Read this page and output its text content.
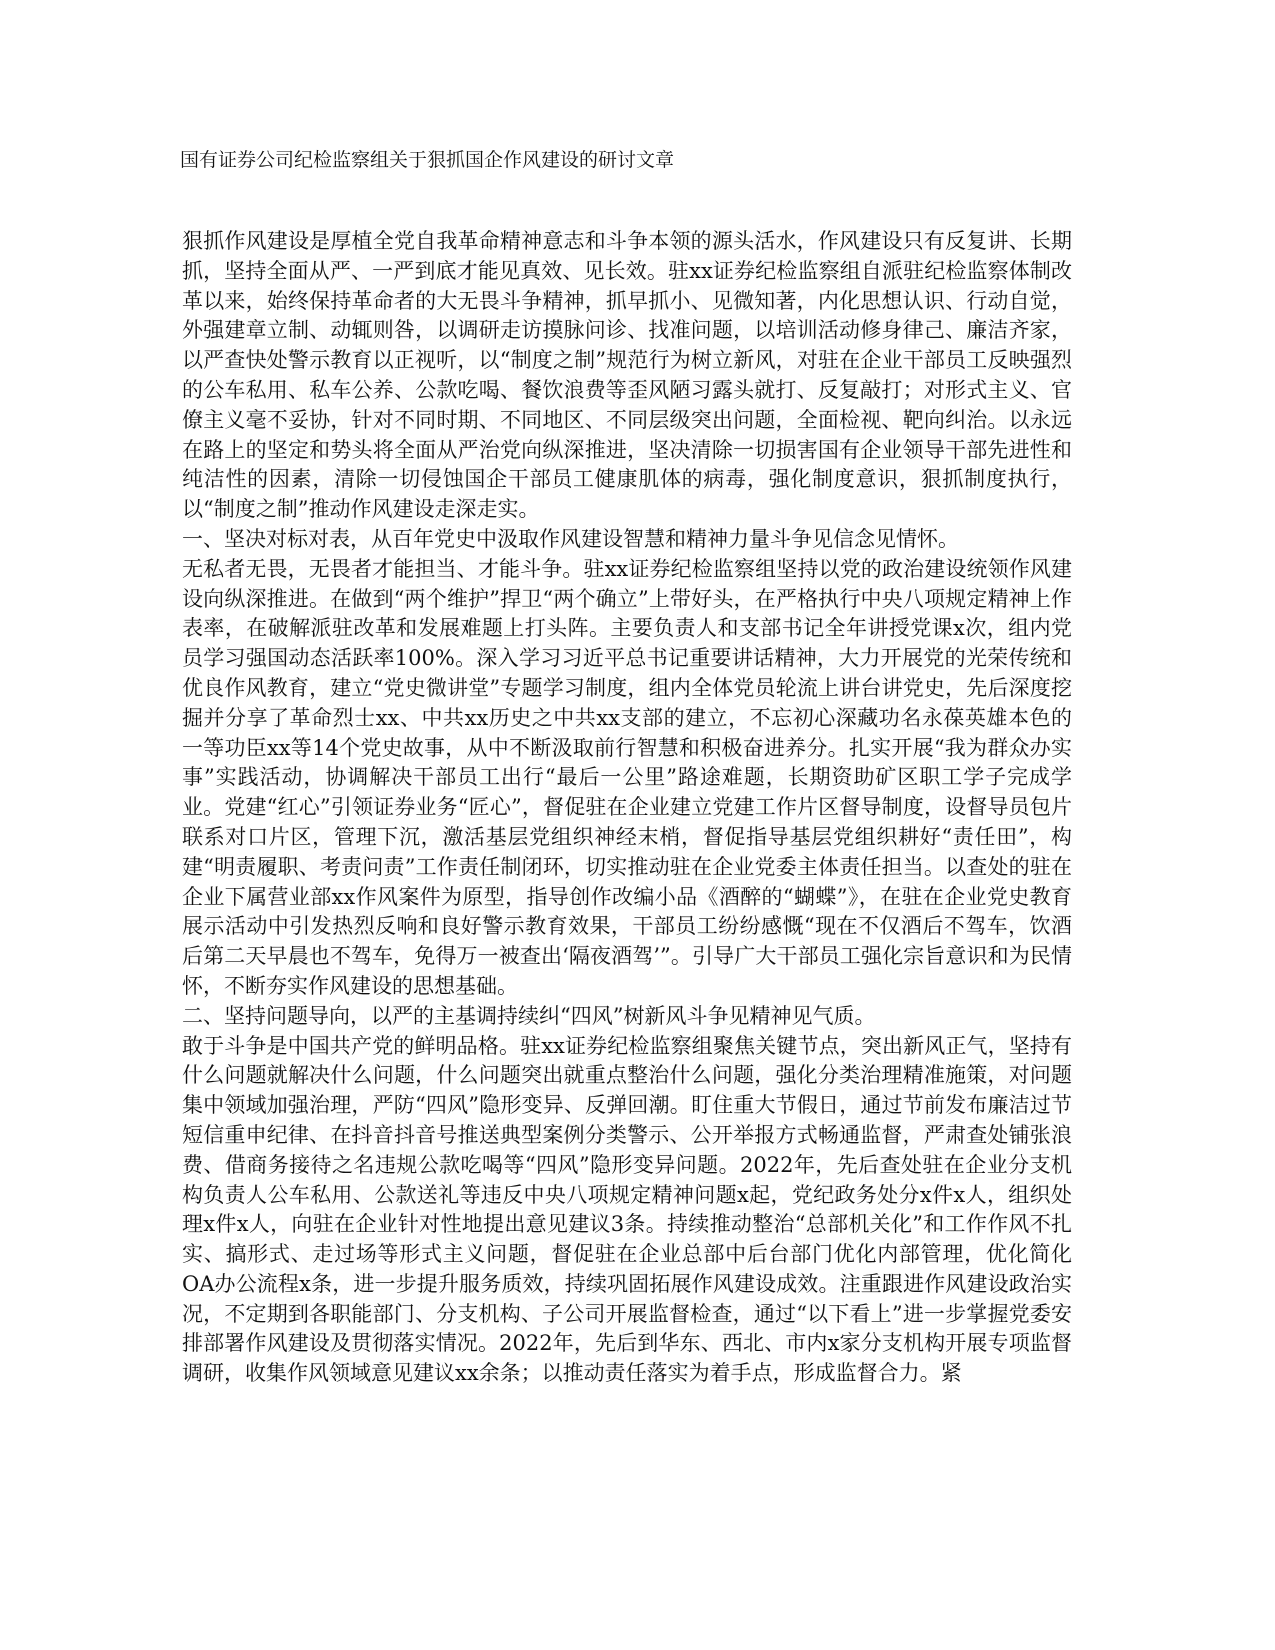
国有证券公司纪检监察组关于狠抓国企作风建设的研讨文章

狠抓作风建设是厚植全党自我革命精神意志和斗争本领的源头活水，作风建设只有反复讲、长期抓，坚持全面从严、一严到底才能见真效、见长效。驻xx证券纪检监察组自派驻纪检监察体制改革以来，始终保持革命者的大无畏斗争精神，抓早抓小、见微知著，内化思想认识、行动自觉，外强建章立制、动辄则咎，以调研走访摸脉问诊、找准问题，以培训活动修身律己、廉洁齐家，以严查快处警示教育以正视听，以“制度之制”规范行为树立新风，对驻在企业干部员工反映强烈的公车私用、私车公养、公款吃喝、餐饮浪费等歪风陋习露头就打、反复敲打；对形式主义、官僚主义毫不妥协，针对不同时期、不同地区、不同层级突出问题，全面检视、靶向纠治。以永远在路上的坚定和势头将全面从严治党向纵深推进，坚决清除一切损害国有企业领导干部先进性和纯洁性的因素，清除一切侵蚀国企干部员工健康肌体的病毒，强化制度意识，狠抓制度执行，以“制度之制”推动作风建设走深走实。

一、坚决对标对表，从百年党史中汲取作风建设智慧和精神力量斗争见信念见情怀。

无私者无畏，无畏者才能担当、才能斗争。驻xx证券纪检监察组坚持以党的政治建设统领作风建设向纵深推进。在做到“两个维护”捍卫“两个确立”上带好头，在严格执行中央八项规定精神上作表率，在破解派驻改革和发展难题上打头阵。主要负责人和支部书记全年讲授党课x次，组内党员学习强国动态活跃率100%。深入学习习近平总书记重要讲话精神，大力开展党的光荣传统和优良作风教育，建立“党史微讲堂”专题学习制度，组内全体党员轮流上讲台讲党史，先后深度挖掘并分享了革命烈士xx、中共xx历史之中共xx支部的建立，不忘初心深藏功名永葆英雄本色的一等功臣xx等14个党史故事，从中不断汲取前行智慧和积极奋进养分。扎实开展“我为群众办实事”实践活动，协调解决干部员工出行“最后一公里”路途难题，长期资助矿区职工学子完成学业。党建“红心”引领证券业务“匠心”，督促驻在企业建立党建工作片区督导制度，设督导员包片联系对口片区，管理下沉，激活基层党组织神经末梢，督促指导基层党组织耕好“责任田”，构建“明责履职、考责问责”工作责任制闭环，切实推动驻在企业党委主体责任担当。以查处的驻在企业下属营业部xx作风案件为原型，指导创作改编小品《酒醉的“蝴蝶”》，在驻在企业党史教育展示活动中引发热烈反响和良好警示教育效果，干部员工纷纷感慨“现在不仅酒后不驾车，饮酒后第二天早晨也不驾车，免得万一被查出‘隔夜酒驾’”。引导广大干部员工强化宗旨意识和为民情怀，不断夯实作风建设的思想基础。

二、坚持问题导向，以严的主基调持续纠“四风”树新风斗争见精神见气质。

敢于斗争是中国共产党的鲜明品格。驻xx证券纪检监察组聚焦关键节点，突出新风正气，坚持有什么问题就解决什么问题，什么问题突出就重点整治什么问题，强化分类治理精准施策，对问题集中领域加强治理，严防“四风”隐形变异、反弹回潮。盯住重大节假日，通过节前发布廉洁过节短信重申纪律、在抖音抖音号推送典型案例分类警示、公开举报方式畅通监督，严肃查处铺张浪费、借商务接待之名违规公款吃喝等“四风”隐形变异问题。2022年，先后查处驻在企业分支机构负责人公车私用、公款送礼等违反中央八项规定精神问题x起，党纪政务处分x件x人，组织处理x件x人，向驻在企业针对性地提出意见建议3条。持续推动整治“总部机关化”和工作作风不扎实、搞形式、走过场等形式主义问题，督促驻在企业总部中后台部门优化内部管理，优化简化OA办公流程x条，进一步提升服务质效，持续巩固拓展作风建设成效。注重跟进作风建设政治实况，不定期到各职能部门、分支机构、子公司开展监督检查，通过“以下看上”进一步掌握党委安排部署作风建设及贯彻落实情况。2022年，先后到华东、西北、市内x家分支机构开展专项监督调研，收集作风领域意见建议xx余条；以推动责任落实为着手点，形成监督合力。紧
